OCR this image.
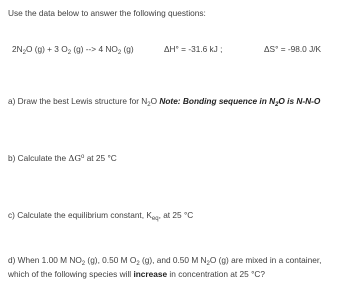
Use the data below to answer the following questions:
$2N_2O$ (g) + 3 $O_2$ (g) --> 4 $NO_2$ (g)	ΔH° = -31.6 kJ ;	ΔS° = -98.0 J/K
a) Draw the best Lewis structure for $N_2O$ Note: Bonding sequence in $N_2O$ is N-N-O
b) Calculate the $\Delta G^o$ at 25 °C
c) Calculate the equilibrium constant, $K_{eq}$, at 25 °C
d) When 1.00 M $NO_2$ (g), 0.50 M $O_2$ (g), and 0.50 M $N_2O$ (g) are mixed in a container,
which of the following species will increase in concentration at 25 °C?
